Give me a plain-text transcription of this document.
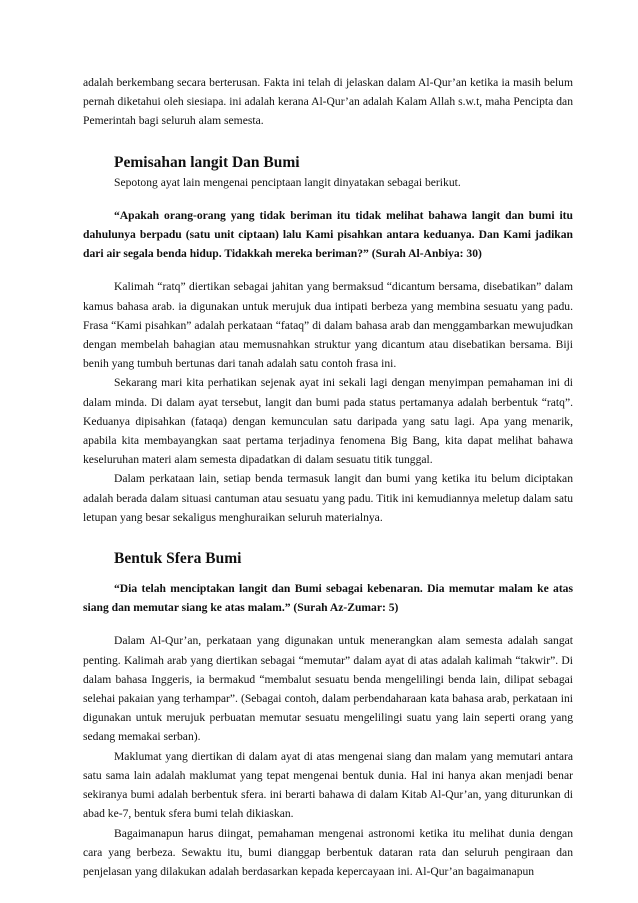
adalah berkembang secara berterusan. Fakta ini telah di jelaskan dalam Al-Qur’an ketika ia masih belum pernah diketahui oleh siesiapa. ini adalah kerana Al-Qur’an adalah Kalam Allah s.w.t, maha Pencipta dan Pemerintah bagi seluruh alam semesta.

Pemisahan langit Dan Bumi

Sepotong ayat lain mengenai penciptaan langit dinyatakan sebagai berikut.

“Apakah orang-orang yang tidak beriman itu tidak melihat bahawa langit dan bumi itu dahulunya berpadu (satu unit ciptaan) lalu Kami pisahkan antara keduanya. Dan Kami jadikan dari air segala benda hidup. Tidakkah mereka beriman?” (Surah Al-Anbiya: 30)

Kalimah “ratq” diertikan sebagai jahitan yang bermaksud “dicantum bersama, disebatikan” dalam kamus bahasa arab. ia digunakan untuk merujuk dua intipati berbeza yang membina sesuatu yang padu. Frasa “Kami pisahkan” adalah perkataan “fataq” di dalam bahasa arab dan menggambarkan mewujudkan dengan membelah bahagian atau memusnahkan struktur yang dicantum atau disebatikan bersama. Biji benih yang tumbuh bertunas dari tanah adalah satu contoh frasa ini.

Sekarang mari kita perhatikan sejenak ayat ini sekali lagi dengan menyimpan pemahaman ini di dalam minda. Di dalam ayat tersebut, langit dan bumi pada status pertamanya adalah berbentuk “ratq”. Keduanya dipisahkan (fataqa) dengan kemunculan satu daripada yang satu lagi. Apa yang menarik, apabila kita membayangkan saat pertama terjadinya fenomena Big Bang, kita dapat melihat bahawa keseluruhan materi alam semesta dipadatkan di dalam sesuatu titik tunggal.

Dalam perkataan lain, setiap benda termasuk langit dan bumi yang ketika itu belum diciptakan adalah berada dalam situasi cantuman atau sesuatu yang padu. Titik ini kemudiannya meletup dalam satu letupan yang besar sekaligus menghuraikan seluruh materialnya.

Bentuk Sfera Bumi

“Dia telah menciptakan langit dan Bumi sebagai kebenaran. Dia memutar malam ke atas siang dan memutar siang ke atas malam.” (Surah Az-Zumar: 5)

Dalam Al-Qur’an, perkataan yang digunakan untuk menerangkan alam semesta adalah sangat penting. Kalimah arab yang diertikan sebagai “memutar” dalam ayat di atas adalah kalimah “takwir”. Di dalam bahasa Inggeris, ia bermakud “membalut sesuatu benda mengelilingi benda lain, dilipat sebagai selehai pakaian yang terhampar”. (Sebagai contoh, dalam perbendaharaan kata bahasa arab, perkataan ini digunakan untuk merujuk perbuatan memutar sesuatu mengelilingi suatu yang lain seperti orang yang sedang memakai serban).

Maklumat yang diertikan di dalam ayat di atas mengenai siang dan malam yang memutari antara satu sama lain adalah maklumat yang tepat mengenai bentuk dunia. Hal ini hanya akan menjadi benar sekiranya bumi adalah berbentuk sfera. ini berarti bahawa di dalam Kitab Al-Qur’an, yang diturunkan di abad ke-7, bentuk sfera bumi telah dikiaskan.

Bagaimanapun harus diingat, pemahaman mengenai astronomi ketika itu melihat dunia dengan cara yang berbeza. Sewaktu itu, bumi dianggap berbentuk dataran rata dan seluruh pengiraan dan penjelasan yang dilakukan adalah berdasarkan kepada kepercayaan ini. Al-Qur’an bagaimanapun
